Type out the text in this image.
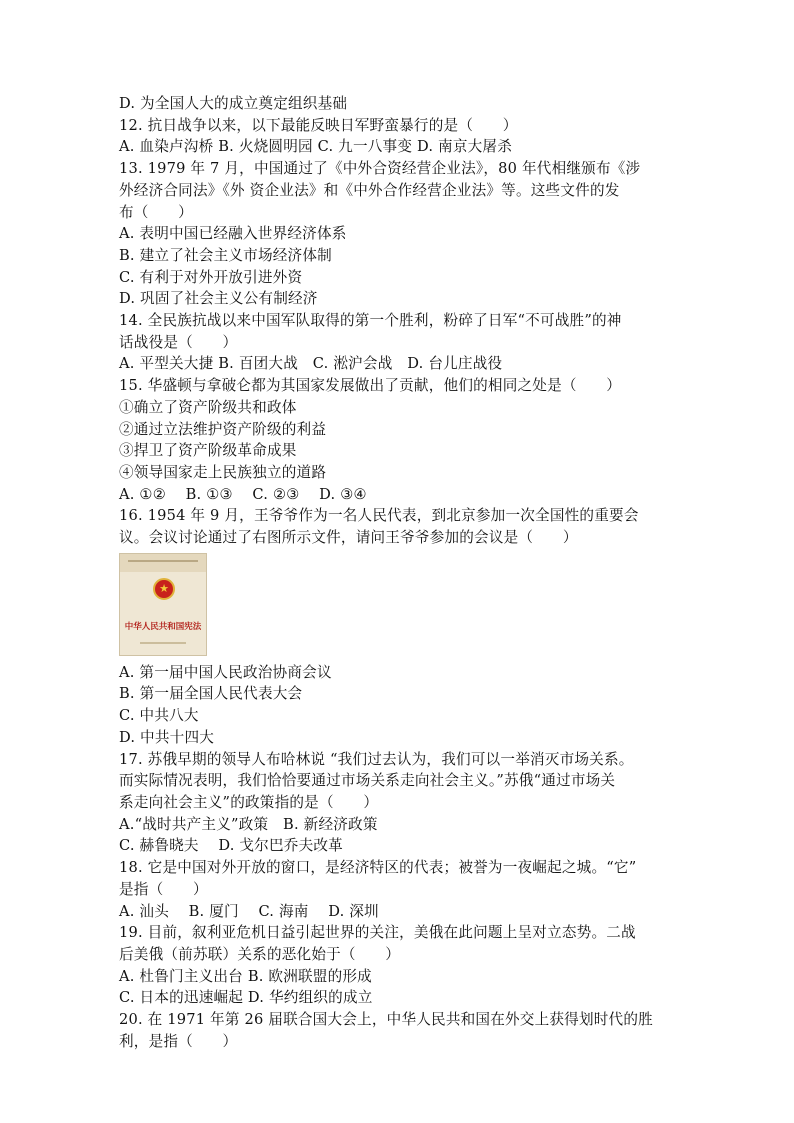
D. 为全国人大的成立奠定组织基础
12. 抗日战争以来，以下最能反映日军野蛮暴行的是（　　）
A. 血染卢沟桥 B. 火烧圆明园 C. 九一八事变 D. 南京大屠杀
13. 1979 年 7 月，中国通过了《中外合资经营企业法》，80 年代相继颁布《涉
外经济合同法》《外 资企业法》和《中外合作经营企业法》等。这些文件的发
布（　　）
A. 表明中国已经融入世界经济体系
B. 建立了社会主义市场经济体制
C. 有利于对外开放引进外资
D. 巩固了社会主义公有制经济
14. 全民族抗战以来中国军队取得的第一个胜利，粉碎了日军“不可战胜”的神
话战役是（　　）
A. 平型关大捷 B. 百团大战　C. 淞沪会战　D. 台儿庄战役
15. 华盛顿与拿破仑都为其国家发展做出了贡献，他们的相同之处是（　　）
①确立了资产阶级共和政体
②通过立法维护资产阶级的利益
③捍卫了资产阶级革命成果
④领导国家走上民族独立的道路
A. ①②　 B. ①③　 C. ②③　 D. ③④
16. 1954 年 9 月，王爷爷作为一名人民代表，到北京参加一次全国性的重要会
议。会议讨论通过了右图所示文件，请问王爷爷参加的会议是（　　）
★
中华人民共和国宪法
A. 第一届中国人民政治协商会议
B. 第一届全国人民代表大会
C. 中共八大
D. 中共十四大
17. 苏俄早期的领导人布哈林说 “我们过去认为，我们可以一举消灭市场关系。
而实际情况表明，我们恰恰要通过市场关系走向社会主义。”苏俄“通过市场关
系走向社会主义”的政策指的是（　　）
A.“战时共产主义”政策　B. 新经济政策
C. 赫鲁晓夫　 D. 戈尔巴乔夫改革
18. 它是中国对外开放的窗口，是经济特区的代表；被誉为一夜崛起之城。“它”
是指（　　）
A. 汕头　 B. 厦门　 C. 海南　 D. 深圳
19. 目前，叙利亚危机日益引起世界的关注，美俄在此问题上呈对立态势。二战
后美俄（前苏联）关系的恶化始于（　　）
A. 杜鲁门主义出台 B. 欧洲联盟的形成
C. 日本的迅速崛起 D. 华约组织的成立
20. 在 1971 年第 26 届联合国大会上，中华人民共和国在外交上获得划时代的胜
利，是指（　　）
